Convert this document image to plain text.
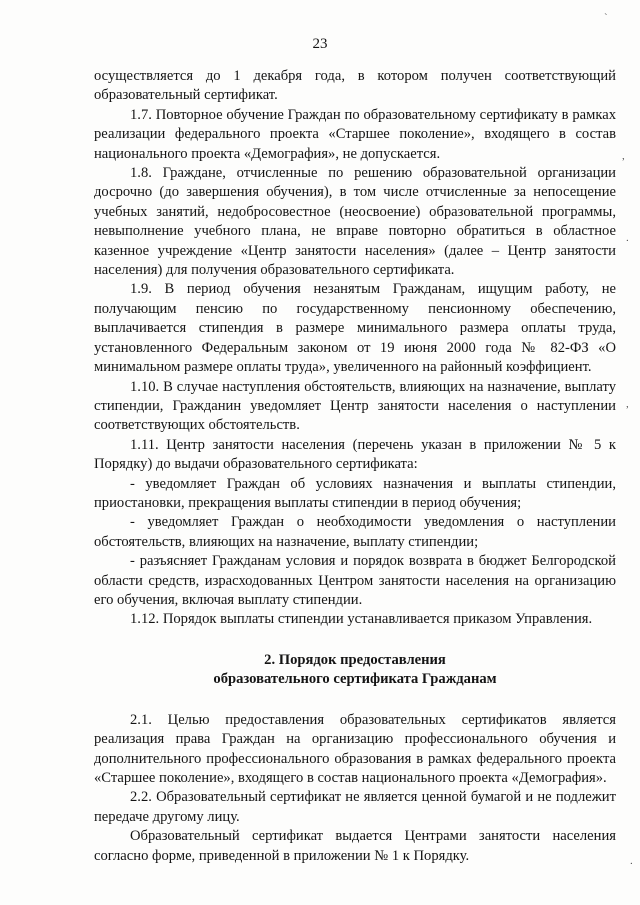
23

осуществляется до 1 декабря года, в котором получен соответствующий образовательный сертификат.

1.7. Повторное обучение Граждан по образовательному сертификату в рамках реализации федерального проекта «Старшее поколение», входящего в состав национального проекта «Демография», не допускается.

1.8. Граждане, отчисленные по решению образовательной организации досрочно (до завершения обучения), в том числе отчисленные за непосещение учебных занятий, недобросовестное (неосвоение) образовательной программы, невыполнение учебного плана, не вправе повторно обратиться в областное казенное учреждение «Центр занятости населения» (далее – Центр занятости населения) для получения образовательного сертификата.

1.9. В период обучения незанятым Гражданам, ищущим работу, не получающим пенсию по государственному пенсионному обеспечению, выплачивается стипендия в размере минимального размера оплаты труда, установленного Федеральным законом от 19 июня 2000 года № 82-ФЗ «О минимальном размере оплаты труда», увеличенного на районный коэффициент.

1.10. В случае наступления обстоятельств, влияющих на назначение, выплату стипендии, Гражданин уведомляет Центр занятости населения о наступлении соответствующих обстоятельств.

1.11. Центр занятости населения (перечень указан в приложении № 5 к Порядку) до выдачи образовательного сертификата:

- уведомляет Граждан об условиях назначения и выплаты стипендии, приостановки, прекращения выплаты стипендии в период обучения;

- уведомляет Граждан о необходимости уведомления о наступлении обстоятельств, влияющих на назначение, выплату стипендии;

- разъясняет Гражданам условия и порядок возврата в бюджет Белгородской области средств, израсходованных Центром занятости населения на организацию его обучения, включая выплату стипендии.

1.12. Порядок выплаты стипендии устанавливается приказом Управления.

2. Порядок предоставления
образовательного сертификата Гражданам

2.1. Целью предоставления образовательных сертификатов является реализация права Граждан на организацию профессионального обучения и дополнительного профессионального образования в рамках федерального проекта «Старшее поколение», входящего в состав национального проекта «Демография».

2.2. Образовательный сертификат не является ценной бумагой и не подлежит передаче другому лицу.

Образовательный сертификат выдается Центрами занятости населения согласно форме, приведенной в приложении № 1 к Порядку.

`
,
.
,
.
